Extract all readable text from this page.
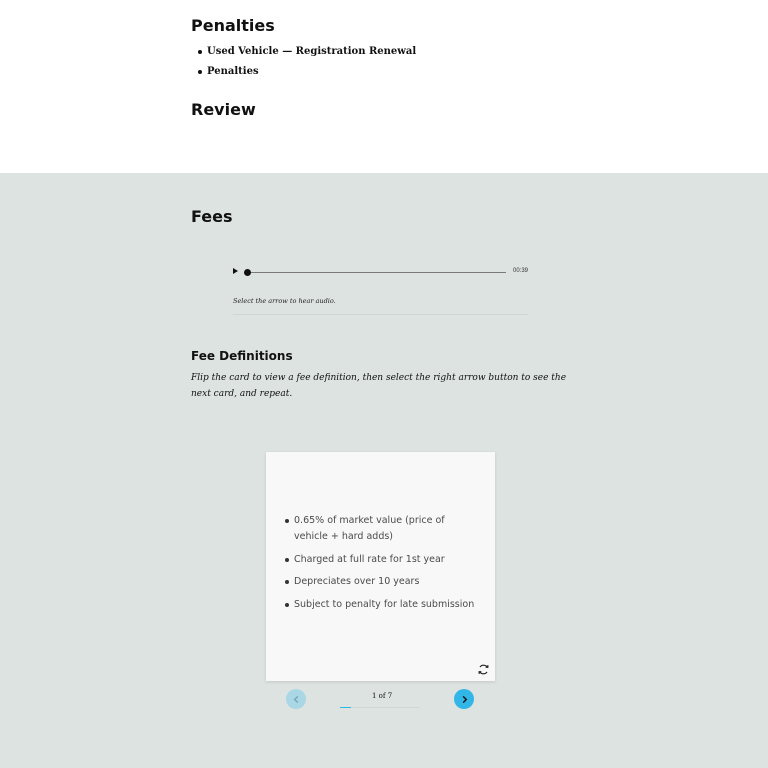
Penalties
Used Vehicle — Registration Renewal
Penalties
Review
Fees
00:39
Select the arrow to hear audio.
Fee Definitions
Flip the card to view a fee definition, then select the right arrow button to see the next card, and repeat.
0.65% of market value (price of vehicle + hard adds)
Charged at full rate for 1st year
Depreciates over 10 years
Subject to penalty for late submission
1 of 7
